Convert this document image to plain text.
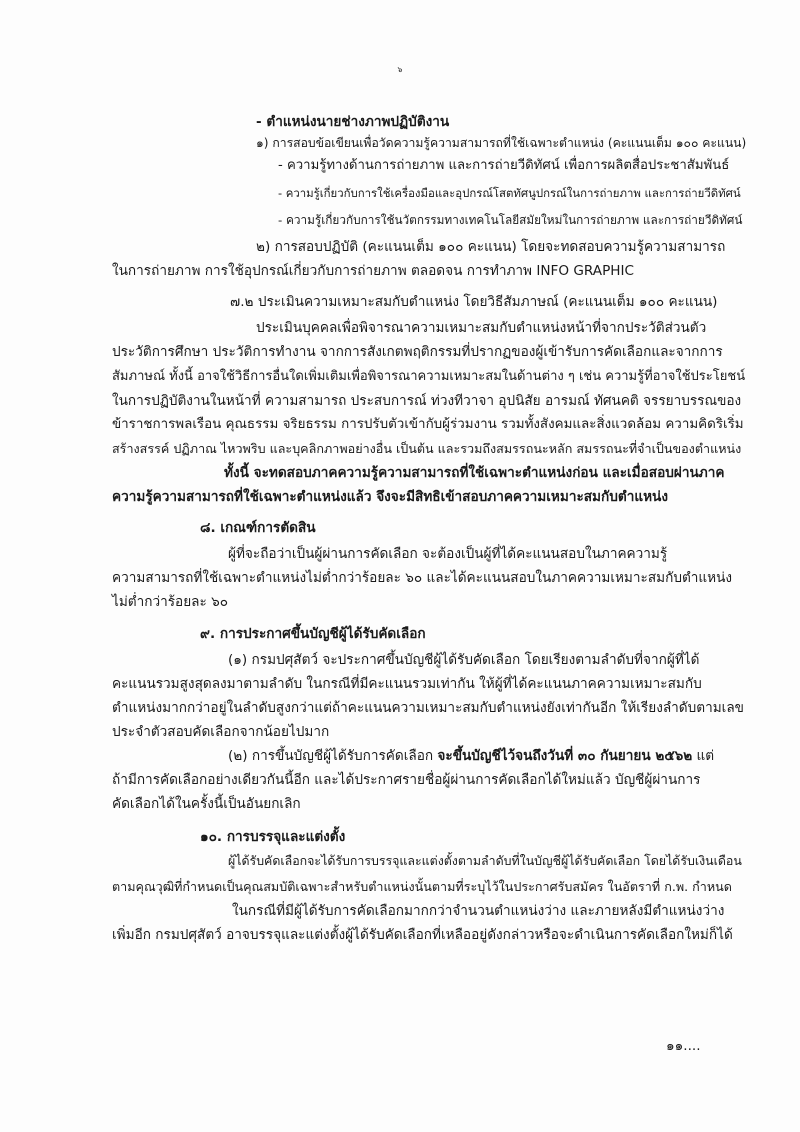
๖
- ตำแหน่งนายช่างภาพปฏิบัติงาน
๑) การสอบข้อเขียนเพื่อวัดความรู้ความสามารถที่ใช้เฉพาะตำแหน่ง (คะแนนเต็ม ๑๐๐ คะแนน)
- ความรู้ทางด้านการถ่ายภาพ และการถ่ายวีดิทัศน์ เพื่อการผลิตสื่อประชาสัมพันธ์
- ความรู้เกี่ยวกับการใช้เครื่องมือและอุปกรณ์โสตทัศนูปกรณ์ในการถ่ายภาพ และการถ่ายวีดิทัศน์
- ความรู้เกี่ยวกับการใช้นวัตกรรมทางเทคโนโลยีสมัยใหม่ในการถ่ายภาพ และการถ่ายวีดิทัศน์
๒) การสอบปฏิบัติ (คะแนนเต็ม ๑๐๐ คะแนน) โดยจะทดสอบความรู้ความสามารถ
ในการถ่ายภาพ การใช้อุปกรณ์เกี่ยวกับการถ่ายภาพ ตลอดจน การทำภาพ INFO GRAPHIC
๗.๒ ประเมินความเหมาะสมกับตำแหน่ง โดยวิธีสัมภาษณ์ (คะแนนเต็ม ๑๐๐ คะแนน)
ประเมินบุคคลเพื่อพิจารณาความเหมาะสมกับตำแหน่งหน้าที่จากประวัติส่วนตัว
ประวัติการศึกษา ประวัติการทำงาน จากการสังเกตพฤติกรรมที่ปรากฏของผู้เข้ารับการคัดเลือกและจากการ
สัมภาษณ์ ทั้งนี้ อาจใช้วิธีการอื่นใดเพิ่มเติมเพื่อพิจารณาความเหมาะสมในด้านต่าง ๆ เช่น ความรู้ที่อาจใช้ประโยชน์
ในการปฏิบัติงานในหน้าที่ ความสามารถ ประสบการณ์ ท่วงทีวาจา อุปนิสัย อารมณ์ ทัศนคติ จรรยาบรรณของ
ข้าราชการพลเรือน คุณธรรม จริยธรรม การปรับตัวเข้ากับผู้ร่วมงาน รวมทั้งสังคมและสิ่งแวดล้อม ความคิดริเริ่ม
สร้างสรรค์ ปฏิภาณ ไหวพริบ และบุคลิกภาพอย่างอื่น เป็นต้น และรวมถึงสมรรถนะหลัก สมรรถนะที่จำเป็นของตำแหน่ง
ทั้งนี้ จะทดสอบภาคความรู้ความสามารถที่ใช้เฉพาะตำแหน่งก่อน และเมื่อสอบผ่านภาค
ความรู้ความสามารถที่ใช้เฉพาะตำแหน่งแล้ว จึงจะมีสิทธิเข้าสอบภาคความเหมาะสมกับตำแหน่ง
๘. เกณฑ์การตัดสิน
ผู้ที่จะถือว่าเป็นผู้ผ่านการคัดเลือก จะต้องเป็นผู้ที่ได้คะแนนสอบในภาคความรู้
ความสามารถที่ใช้เฉพาะตำแหน่งไม่ต่ำกว่าร้อยละ ๖๐ และได้คะแนนสอบในภาคความเหมาะสมกับตำแหน่ง
ไม่ต่ำกว่าร้อยละ ๖๐
๙. การประกาศขึ้นบัญชีผู้ได้รับคัดเลือก
(๑) กรมปศุสัตว์ จะประกาศขึ้นบัญชีผู้ได้รับคัดเลือก โดยเรียงตามลำดับที่จากผู้ที่ได้
คะแนนรวมสูงสุดลงมาตามลำดับ ในกรณีที่มีคะแนนรวมเท่ากัน ให้ผู้ที่ได้คะแนนภาคความเหมาะสมกับ
ตำแหน่งมากกว่าอยู่ในลำดับสูงกว่าแต่ถ้าคะแนนความเหมาะสมกับตำแหน่งยังเท่ากันอีก ให้เรียงลำดับตามเลข
ประจำตัวสอบคัดเลือกจากน้อยไปมาก
(๒) การขึ้นบัญชีผู้ได้รับการคัดเลือก จะขึ้นบัญชีไว้จนถึงวันที่ ๓๐ กันยายน ๒๕๖๒ แต่
ถ้ามีการคัดเลือกอย่างเดียวกันนี้อีก และได้ประกาศรายชื่อผู้ผ่านการคัดเลือกได้ใหม่แล้ว บัญชีผู้ผ่านการ
คัดเลือกได้ในครั้งนี้เป็นอันยกเลิก
๑๐. การบรรจุและแต่งตั้ง
ผู้ได้รับคัดเลือกจะได้รับการบรรจุและแต่งตั้งตามลำดับที่ในบัญชีผู้ได้รับคัดเลือก โดยได้รับเงินเดือน
ตามคุณวุฒิที่กำหนดเป็นคุณสมบัติเฉพาะสำหรับตำแหน่งนั้นตามที่ระบุไว้ในประกาศรับสมัคร ในอัตราที่ ก.พ. กำหนด
ในกรณีที่มีผู้ได้รับการคัดเลือกมากกว่าจำนวนตำแหน่งว่าง และภายหลังมีตำแหน่งว่าง
เพิ่มอีก กรมปศุสัตว์ อาจบรรจุและแต่งตั้งผู้ได้รับคัดเลือกที่เหลืออยู่ดังกล่าวหรือจะดำเนินการคัดเลือกใหม่ก็ได้
๑๑....
